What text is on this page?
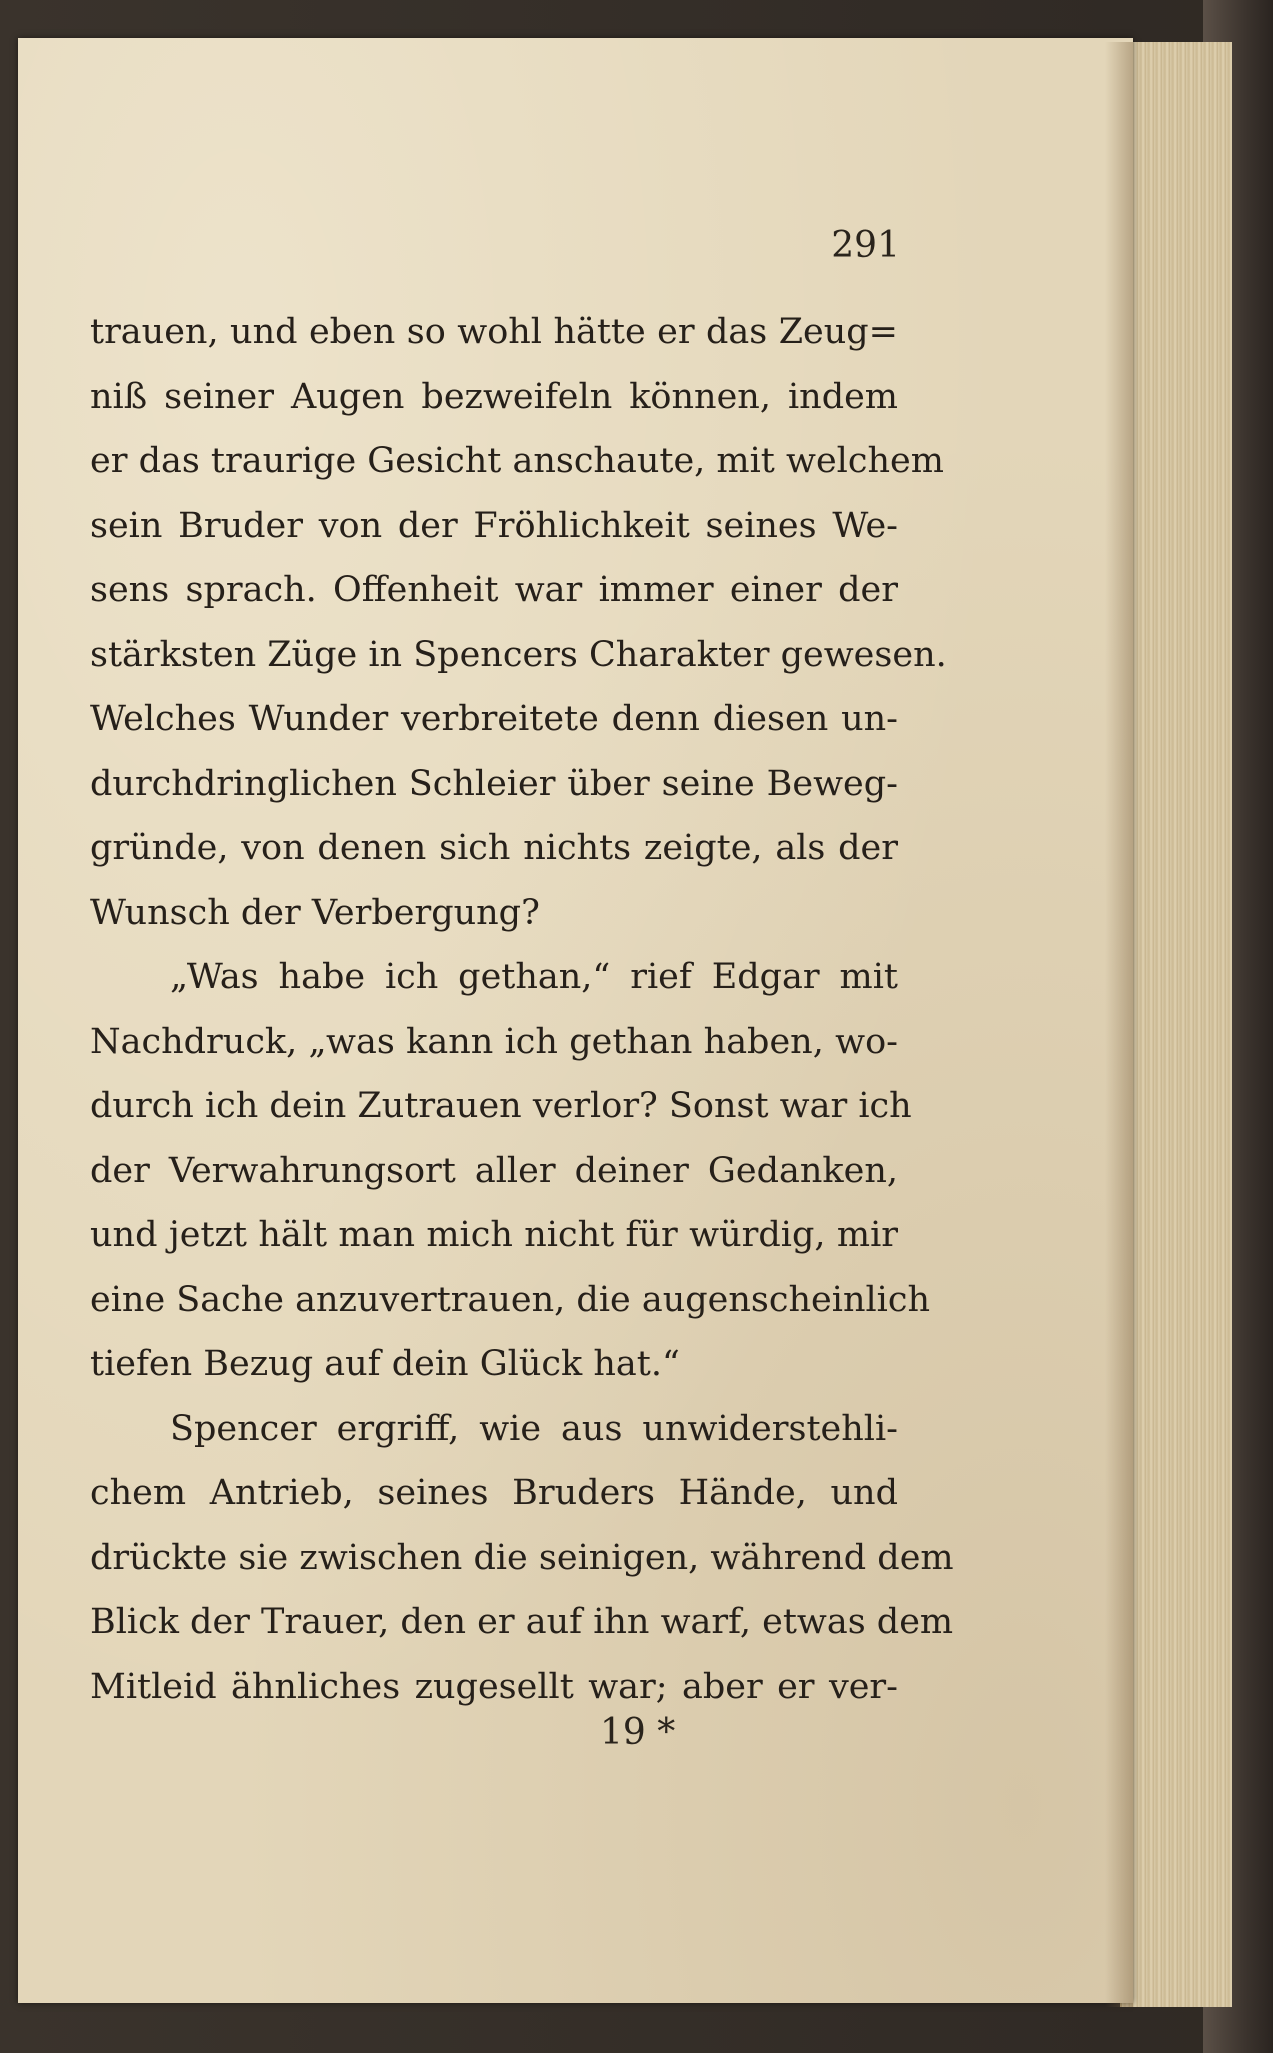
291
trauen, und eben so wohl hätte er das Zeug=
niß seiner Augen bezweifeln können, indem
er das traurige Gesicht anschaute, mit welchem
sein Bruder von der Fröhlichkeit seines We-
sens sprach. Offenheit war immer einer der
stärksten Züge in Spencers Charakter gewesen.
Welches Wunder verbreitete denn diesen un-
durchdringlichen Schleier über seine Beweg-
gründe, von denen sich nichts zeigte, als der
Wunsch der Verbergung?
„Was habe ich gethan,“ rief Edgar mit
Nachdruck, „was kann ich gethan haben, wo-
durch ich dein Zutrauen verlor? Sonst war ich
der Verwahrungsort aller deiner Gedanken,
und jetzt hält man mich nicht für würdig, mir
eine Sache anzuvertrauen, die augenscheinlich
tiefen Bezug auf dein Glück hat.“
Spencer ergriff, wie aus unwiderstehli-
chem Antrieb, seines Bruders Hände, und
drückte sie zwischen die seinigen, während dem
Blick der Trauer, den er auf ihn warf, etwas dem
Mitleid ähnliches zugesellt war; aber er ver-
19 *
